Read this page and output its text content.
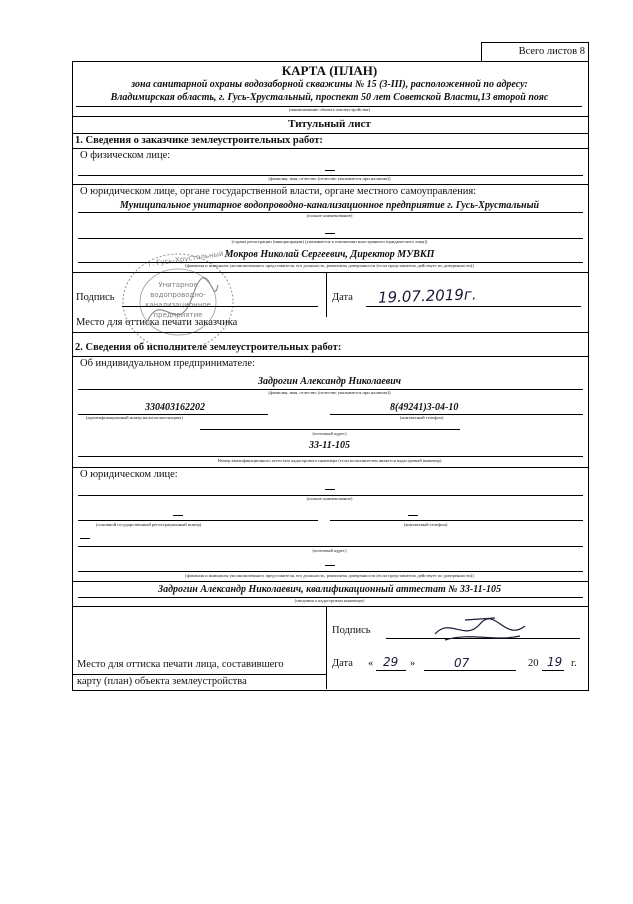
Всего листов 8
КАРТА (ПЛАН)
зона санитарной охраны водозаборной скважины № 15 (3-III), расположенной по адресу:
Владимирская область, г. Гусь-Хрустальный, проспект 50 лет Советской Власти,13 второй пояс
(наименование объекта землеустройства)
Титульный лист
1. Сведения о заказчике землеустроительных работ:
О физическом лице:
(фамилия, имя, отчество (отчество указывается при наличии))
О юридическом лице, органе государственной власти, органе местного самоуправления:
Муниципальное унитарное водопроводно-канализационное предприятие г. Гусь-Хрустальный
(полное наименование)
(страна регистрации (инкорпорации) (указывается в отношении иностранного юридического лица))
Мокров Николай Сергеевич, Директор МУВКП
(фамилия и инициалы уполномоченного представителя, его должность, реквизиты доверенности (если представитель действует по доверенности))
Подпись	Дата 19.07.2019г.
Место для оттиска печати заказчика
г. Гусь-Хрустальный
Унитарное
водопроводно-
канализационное
предприятие
2. Сведения об исполнителе землеустроительных работ:
Об индивидуальном предпринимателе:
Задрогин Александр Николаевич
(фамилия, имя, отчество (отчество указывается при наличии))
330403162202	8(49241)3-04-10
(идентификационный номер налогоплательщика)	(контактный телефон)
(почтовый адрес)
33-11-105
Номер квалификационного аттестата кадастрового инженера (если исполнителем является кадастровый инженер)
О юридическом лице:
(полное наименование)
(основной государственный регистрационный номер)	(контактный телефон)
(почтовый адрес)
(фамилия и инициалы уполномоченного представителя, его должность, реквизиты доверенности (если представитель действует по доверенности))
Задрогин Александр Николаевич, квалификационный аттестат № 33-11-105
(сведения о кадастровом инженере)
Подпись
Дата « 29 »	07	20 19 г.
Место для оттиска печати лица, составившего
карту (план) объекта землеустройства
